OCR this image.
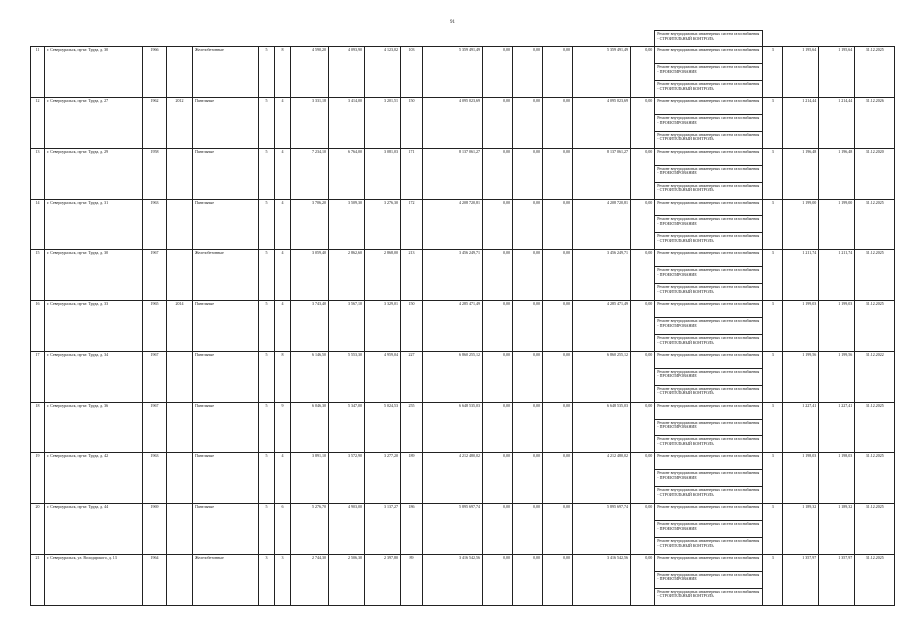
91
																	Ремонт внутридомовых инженерных систем газоснабжения - СТРОИТЕЛЬНЫЙ КОНТРОЛЬ				
11	г. Североуральск, пр-кт. Труда, д. 30	1966		Железобетонные	5	8	4 590,20	4 093,90	4 123,02	103	5 359 491,49	0,00	0,00	0,00	5 359 491,49	0,00	Ремонт внутридомовых инженерных систем газоснабжения	3	1 195,64	1 195,64	31.12.2025
																	Ремонт внутридомовых инженерных систем газоснабжения - ПРОЕКТИРОВАНИЕ				
																	Ремонт внутридомовых инженерных систем газоснабжения - СТРОИТЕЛЬНЫЙ КОНТРОЛЬ				
12	г. Североуральск, пр-кт. Труда, д. 27	1962	2012	Панельные	5	4	3 331,18	3 414,00	3 201,51	150	4 095 023,69	0,00	0,00	0,00	4 095 023,69	0,00	Ремонт внутридомовых инженерных систем газоснабжения	3	1 214,44	1 214,44	31.12.2026
																	Ремонт внутридомовых инженерных систем газоснабжения - ПРОЕКТИРОВАНИЕ				
																	Ремонт внутридомовых инженерных систем газоснабжения - СТРОИТЕЛЬНЫЙ КОНТРОЛЬ				
13	г. Североуральск, пр-кт. Труда, д. 29	1958		Панельные	5	4	7 234,10	6 764,00	3 081,03	171	8 137 061,27	0,00	0,00	0,00	8 137 061,27	0,00	Ремонт внутридомовых инженерных систем газоснабжения	3	1 196,48	1 196,48	31.12.2020
																	Ремонт внутридомовых инженерных систем газоснабжения - ПРОЕКТИРОВАНИЕ				
																	Ремонт внутридомовых инженерных систем газоснабжения - СТРОИТЕЛЬНЫЙ КОНТРОЛЬ				
14	г. Североуральск, пр-кт. Труда, д. 31	1963		Панельные	5	4	3 706,20	3 509,30	3 276,30	172	4 208 720,81	0,00	0,00	0,00	4 208 720,81	0,00	Ремонт внутридомовых инженерных систем газоснабжения	3	1 199,00	1 199,00	31.12.2025
																	Ремонт внутридомовых инженерных систем газоснабжения - ПРОЕКТИРОВАНИЕ				
																	Ремонт внутридомовых инженерных систем газоснабжения - СТРОИТЕЛЬНЫЙ КОНТРОЛЬ				
15	г. Североуральск, пр-кт. Труда, д. 30	1967		Железобетонные	5	4	3 059,40	2 862,60	2 868,00	213	3 456 249,71	0,00	0,00	0,00	3 456 249,71	0,00	Ремонт внутридомовых инженерных систем газоснабжения	3	1 211,74	1 211,74	31.12.2025
																	Ремонт внутридомовых инженерных систем газоснабжения - ПРОЕКТИРОВАНИЕ				
																	Ремонт внутридомовых инженерных систем газоснабжения - СТРОИТЕЛЬНЫЙ КОНТРОЛЬ				
16	г. Североуральск, пр-кт. Труда, д. 33	1965	2014	Панельные	5	4	3 743,40	3 567,10	3 329,01	150	4 285 471,49	0,00	0,00	0,00	4 285 471,49	0,00	Ремонт внутридомовых инженерных систем газоснабжения	3	1 199,03	1 199,03	31.12.2025
																	Ремонт внутридомовых инженерных систем газоснабжения - ПРОЕКТИРОВАНИЕ				
																	Ремонт внутридомовых инженерных систем газоснабжения - СТРОИТЕЛЬНЫЙ КОНТРОЛЬ				
17	г. Североуральск, пр-кт. Труда, д. 34	1967		Панельные	5	8	6 146,50	5 553,30	4 959,04	227	6 860 255,12	0,00	0,00	0,00	6 860 255,12	0,00	Ремонт внутридомовых инженерных систем газоснабжения	3	1 199,56	1 199,56	31.12.2022
																	Ремонт внутридомовых инженерных систем газоснабжения - ПРОЕКТИРОВАНИЕ				
																	Ремонт внутридомовых инженерных систем газоснабжения - СТРОИТЕЛЬНЫЙ КОНТРОЛЬ				
18	г. Североуральск, пр-кт. Труда, д. 36	1967		Панельные	5	9	6 046,30	5 347,00	5 024,53	255	6 648 535,03	0,00	0,00	0,00	6 648 535,03	0,00	Ремонт внутридомовых инженерных систем газоснабжения	3	1 227,41	1 227,41	31.12.2025
																	Ремонт внутридомовых инженерных систем газоснабжения - ПРОЕКТИРОВАНИЕ				
																	Ремонт внутридомовых инженерных систем газоснабжения - СТРОИТЕЛЬНЫЙ КОНТРОЛЬ				
19	г. Североуральск, пр-кт. Труда, д. 42	1963		Панельные	5	4	3 891,10	3 572,90	3 277,20	189	4 212 480,02	0,00	0,00	0,00	4 212 480,02	0,00	Ремонт внутридомовых инженерных систем газоснабжения	3	1 198,03	1 198,03	31.12.2025
																	Ремонт внутридомовых инженерных систем газоснабжения - ПРОЕКТИРОВАНИЕ				
																	Ремонт внутридомовых инженерных систем газоснабжения - СТРОИТЕЛЬНЫЙ КОНТРОЛЬ				
20	г. Североуральск, пр-кт. Труда, д. 44	1969		Панельные	5	6	5 276,70	4 903,00	3 137,27	186	5 895 697,74	0,00	0,00	0,00	5 895 697,74	0,00	Ремонт внутридомовых инженерных систем газоснабжения	3	1 189,32	1 189,32	31.12.2025
																	Ремонт внутридомовых инженерных систем газоснабжения - ПРОЕКТИРОВАНИЕ				
																	Ремонт внутридомовых инженерных систем газоснабжения - СТРОИТЕЛЬНЫЙ КОНТРОЛЬ				
21	г. Североуральск, ул. Володарского, д. 13	1964		Железобетонные	3	3	2 744,30	2 506,30	2 397,80	89	3 416 542,56	0,00	0,00	0,00	3 416 542,56	0,00	Ремонт внутридомовых инженерных систем газоснабжения	3	1 357,97	1 357,97	31.12.2025
																	Ремонт внутридомовых инженерных систем газоснабжения - ПРОЕКТИРОВАНИЕ				
																	Ремонт внутридомовых инженерных систем газоснабжения - СТРОИТЕЛЬНЫЙ КОНТРОЛЬ				
